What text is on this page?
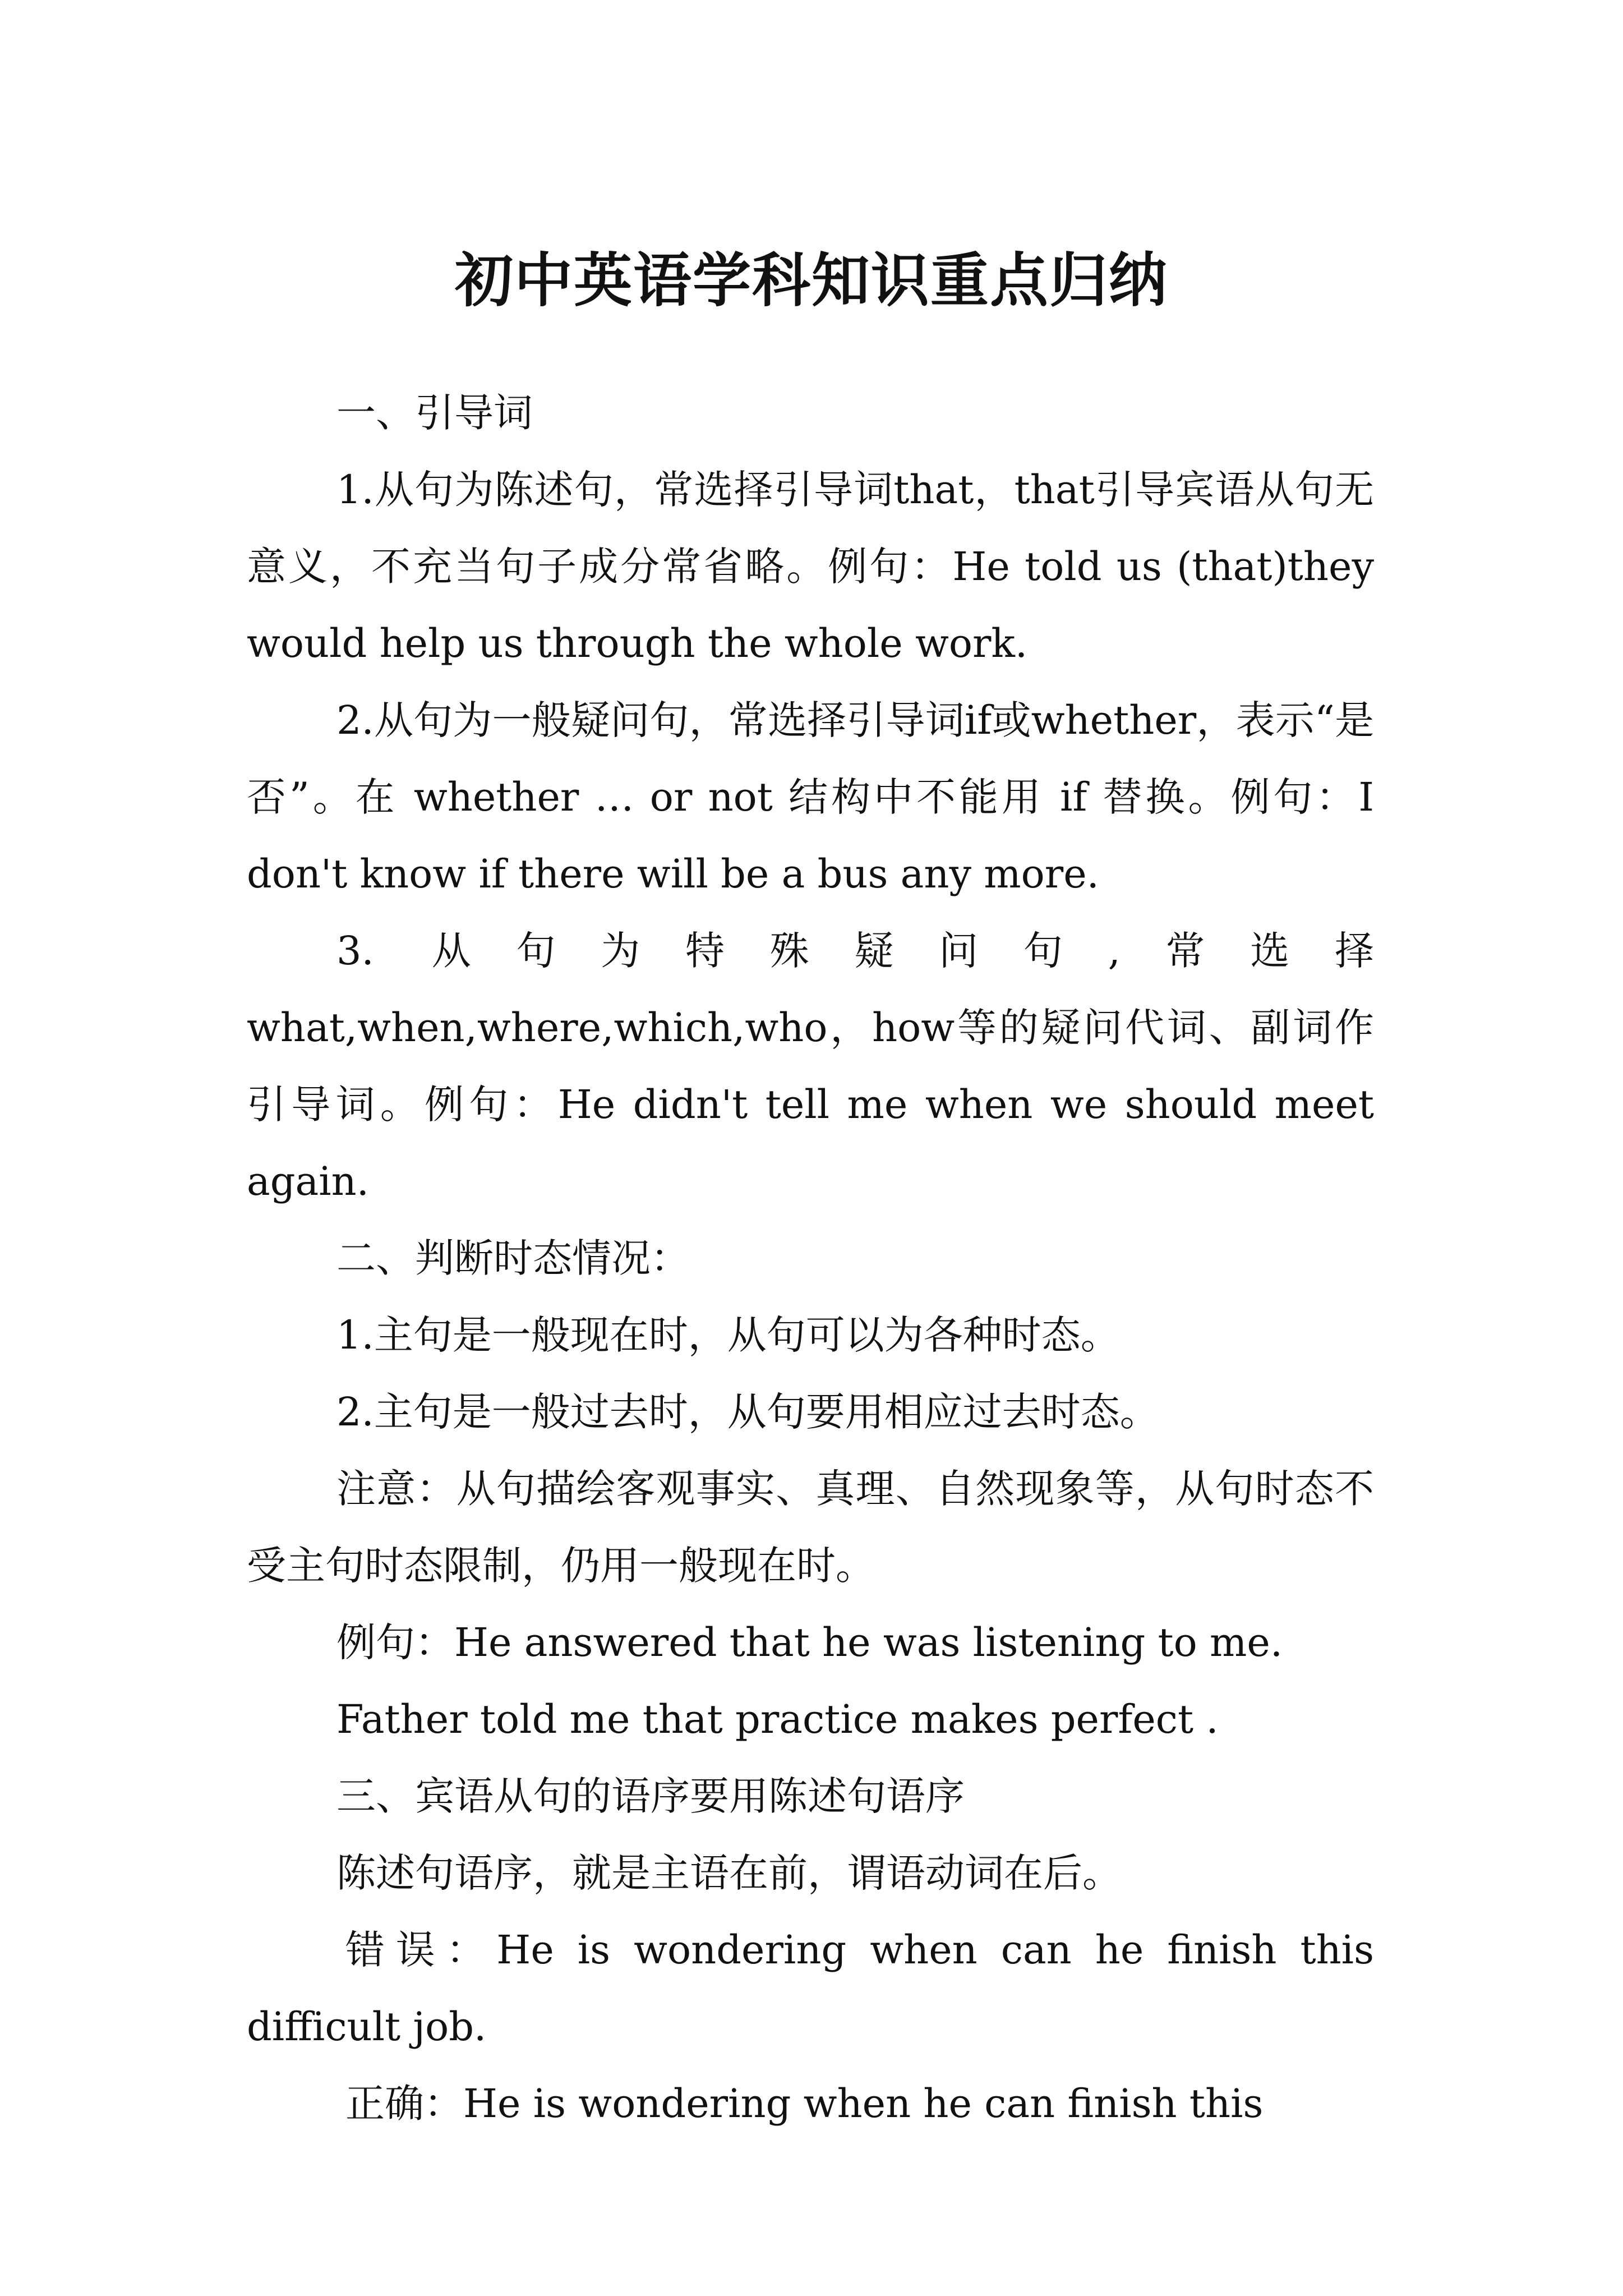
初中英语学科知识重点归纳

一、引导词

1.从句为陈述句，常选择引导词that，that引导宾语从句无意义，不充当句子成分常省略。例句：He told us (that)they would help us through the whole work.

2.从句为一般疑问句，常选择引导词if或whether，表示“是否”。在 whether … or not 结构中不能用 if 替换。例句：I don't know if there will be a bus any more.

3. 从句为特殊疑问句,常选择what,when,where,which,who，how等的疑问代词、副词作引导词。例句：He didn't tell me when we should meet again.

二、判断时态情况：

1.主句是一般现在时，从句可以为各种时态。

2.主句是一般过去时，从句要用相应过去时态。

注意：从句描绘客观事实、真理、自然现象等，从句时态不受主句时态限制，仍用一般现在时。

例句：He answered that he was listening to me.

Father told me that practice makes perfect .

三、宾语从句的语序要用陈述句语序

陈述句语序，就是主语在前，谓语动词在后。

错误：He is wondering when can he finish this difficult job.

正确：He is wondering when he can finish this
